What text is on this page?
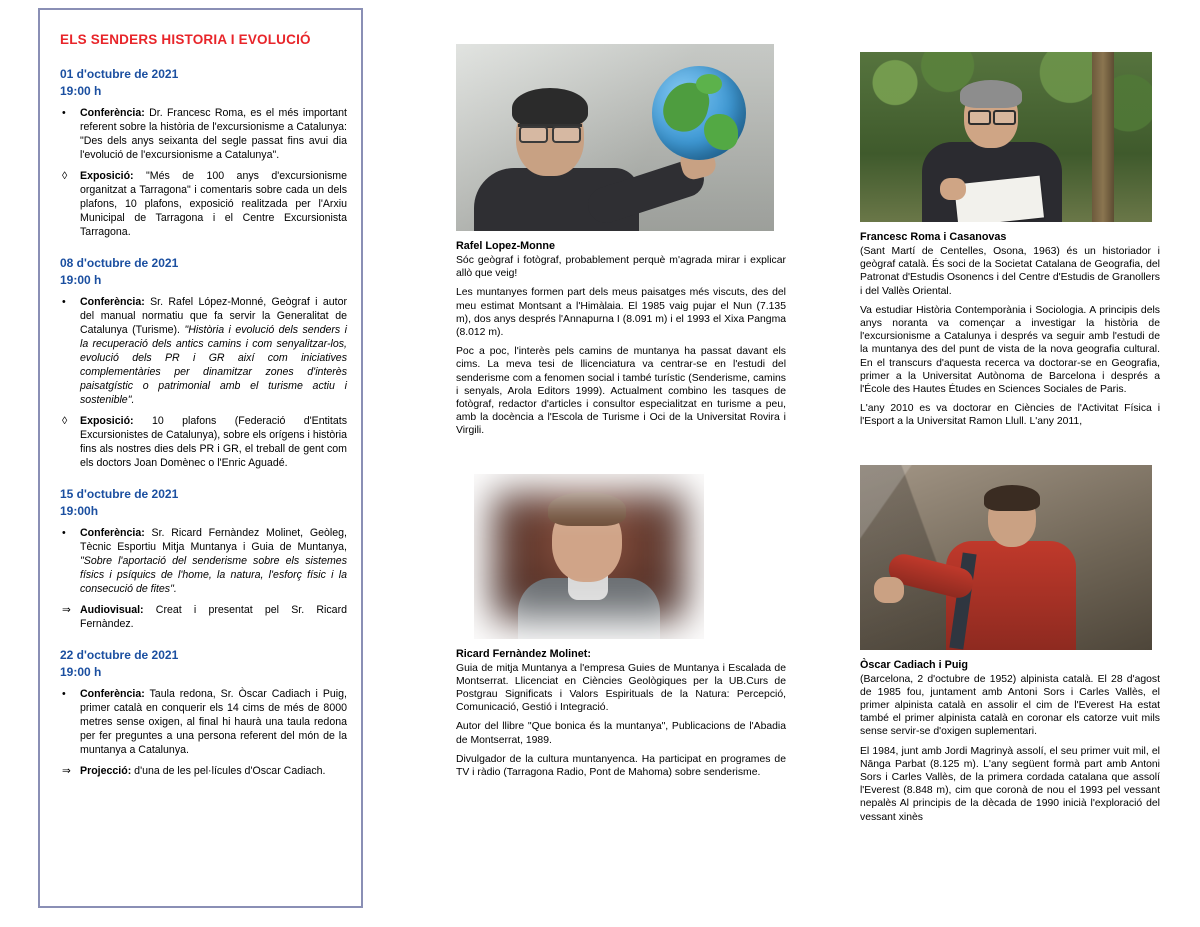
ELS SENDERS HISTORIA I EVOLUCIÓ
01 d'octubre de 2021
19:00 h
• Conferència: Dr. Francesc Roma, es el més important referent sobre la història de l'excursionisme a Catalunya: "Des dels anys seixanta del segle passat fins avui dia l'evolució de l'excursionisme a Catalunya".
◊ Exposició: "Més de 100 anys d'excursionisme organitzat a Tarragona" i comentaris sobre cada un dels plafons, 10 plafons, exposició realitzada per l'Arxiu Municipal de Tarragona i el Centre Excursionista Tarragona.
08 d'octubre de 2021
19:00 h
• Conferència: Sr. Rafel López-Monné, Geògraf i autor del manual normatiu que fa servir la Generalitat de Catalunya (Turisme). "Història i evolució dels senders i la recuperació dels antics camins i com senyalitzar-los, evolució dels PR i GR així com iniciatives complementàries per dinamitzar zones d'interès paisatgístic o patrimonial amb el turisme actiu i sostenible".
◊ Exposició: 10 plafons (Federació d'Entitats Excursionistes de Catalunya), sobre els orígens i història fins als nostres dies dels PR i GR, el treball de gent com els doctors Joan Domènec o l'Enric Aguadé.
15 d'octubre de 2021
19:00h
• Conferència: Sr. Ricard Fernàndez Molinet, Geòleg, Tècnic Esportiu Mitja Muntanya i Guia de Muntanya, "Sobre l'aportació del senderisme sobre els sistemes físics i psíquics de l'home, la natura, l'esforç físic i la consecució de fites".
⇒ Audiovisual: Creat i presentat pel Sr. Ricard Fernàndez.
22 d'octubre de 2021
19:00 h
• Conferència: Taula redona, Sr. Òscar Cadiach i Puig, primer català en conquerir els 14 cims de més de 8000 metres sense oxigen, al final hi haurà una taula redona per fer preguntes a una persona referent del món de la muntanya a Catalunya.
⇒ Projecció: d'una de les pel·lícules d'Oscar Cadiach.
Rafel Lopez-Monne

Sóc geògraf i fotògraf, probablement perquè m'agrada mirar i explicar allò que veig!

Les muntanyes formen part dels meus paisatges més viscuts, des del meu estimat Montsant a l'Himàlaia. El 1985 vaig pujar el Nun (7.135 m), dos anys després l'Annapurna I (8.091 m) i el 1993 el Xixa Pangma (8.012 m).

Poc a poc, l'interès pels camins de muntanya ha passat davant els cims. La meva tesi de llicenciatura va centrar-se en l'estudi del senderisme com a fenomen social i també turístic (Senderisme, camins i senyals, Arola Editors 1999). Actualment combino les tasques de fotògraf, redactor d'articles i consultor especialitzat en turisme a peu, amb la docència a l'Escola de Turisme i Oci de la Universitat Rovira i Virgili.

Ricard Fernàndez Molinet:

Guia de mitja Muntanya a l'empresa Guies de Muntanya i Escalada de Montserrat. Llicenciat en Ciències Geològiques per la UB.Curs de Postgrau Significats i Valors Espirituals de la Natura: Percepció, Comunicació, Gestió i Integració.

Autor del llibre "Que bonica és la muntanya", Publicacions de l'Abadia de Montserrat, 1989.

Divulgador de la cultura muntanyenca. Ha participat en programes de TV i ràdio (Tarragona Radio, Pont de Mahoma) sobre senderisme.

Francesc Roma i Casanovas

(Sant Martí de Centelles, Osona, 1963) és un historiador i geògraf català. És soci de la Societat Catalana de Geografia, del Patronat d'Estudis Osonencs i del Centre d'Estudis de Granollers i del Vallès Oriental.

Va estudiar Història Contemporània i Sociologia. A principis dels anys noranta va començar a investigar la història de l'excursionisme a Catalunya i després va seguir amb l'estudi de la muntanya des del punt de vista de la nova geografia cultural. En el transcurs d'aquesta recerca va doctorar-se en Geografia, primer a la Universitat Autònoma de Barcelona i després a l'École des Hautes Études en Sciences Sociales de Paris.

L'any 2010 es va doctorar en Ciències de l'Activitat Física i l'Esport a la Universitat Ramon Llull. L'any 2011,

Òscar Cadiach i Puig

(Barcelona, 2 d'octubre de 1952) alpinista català. El 28 d'agost de 1985 fou, juntament amb Antoni Sors i Carles Vallès, el primer alpinista català en assolir el cim de l'Everest Ha estat també el primer alpinista català en coronar els catorze vuit mils sense servir-se d'oxigen suplementari.

El 1984, junt amb Jordi Magrinyà assolí, el seu primer vuit mil, el Nānga Parbat (8.125 m). L'any següent formà part amb Antoni Sors i Carles Vallès, de la primera cordada catalana que assolí l'Everest (8.848 m), cim que coronà de nou el 1993 pel vessant nepalès Al principis de la dècada de 1990 inicià l'exploració del vessant xinès
